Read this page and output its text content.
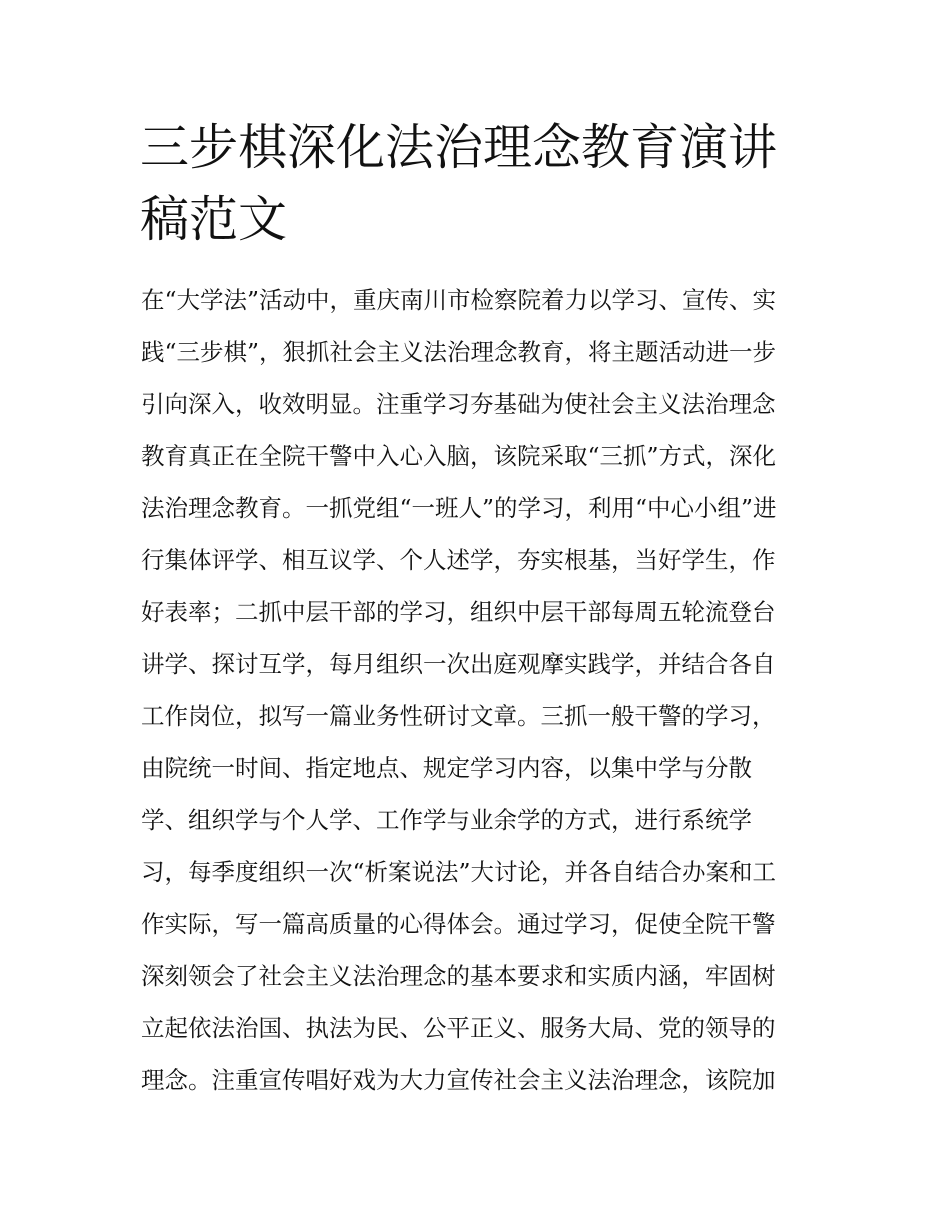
三步棋深化法治理念教育演讲稿范文
在“大学法”活动中，重庆南川市检察院着力以学习、宣传、实
践“三步棋”，狠抓社会主义法治理念教育，将主题活动进一步
引向深入，收效明显。注重学习夯基础为使社会主义法治理念
教育真正在全院干警中入心入脑，该院采取“三抓”方式，深化
法治理念教育。一抓党组“一班人”的学习，利用“中心小组”进
行集体评学、相互议学、个人述学，夯实根基，当好学生，作
好表率；二抓中层干部的学习，组织中层干部每周五轮流登台
讲学、探讨互学，每月组织一次出庭观摩实践学，并结合各自
工作岗位，拟写一篇业务性研讨文章。三抓一般干警的学习，
由院统一时间、指定地点、规定学习内容，以集中学与分散
学、组织学与个人学、工作学与业余学的方式，进行系统学
习，每季度组织一次“析案说法”大讨论，并各自结合办案和工
作实际，写一篇高质量的心得体会。通过学习，促使全院干警
深刻领会了社会主义法治理念的基本要求和实质内涵，牢固树
立起依法治国、执法为民、公平正义、服务大局、党的领导的
理念。注重宣传唱好戏为大力宣传社会主义法治理念，该院加
